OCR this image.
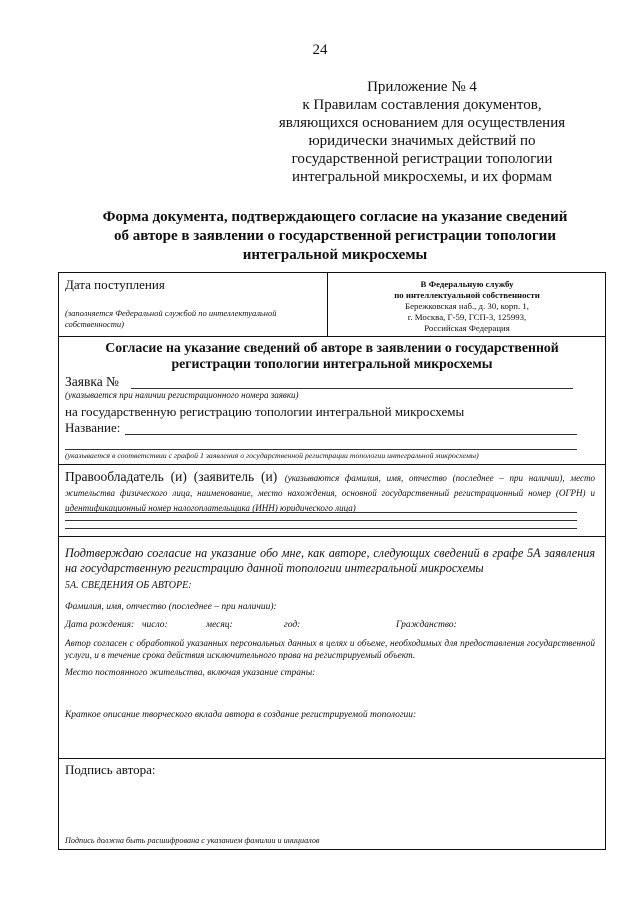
24
Приложение № 4
к Правилам составления документов,
являющихся основанием для осуществления
юридически значимых действий по
государственной регистрации топологии
интегральной микросхемы, и их формам
Форма документа, подтверждающего согласие на указание сведений
об авторе в заявлении о государственной регистрации топологии
интегральной микросхемы
Дата поступления
(заполняется Федеральной службой по интеллектуальной собственности)
В Федеральную службу
по интеллектуальной собственности
Бережковская наб., д. 30, корп. 1,
г. Москва, Г-59, ГСП-3, 125993,
Российская Федерация
Согласие на указание сведений об авторе в заявлении о государственной
регистрации топологии интегральной микросхемы
Заявка №
(указывается при наличии регистрационного номера заявки)
на государственную регистрацию топологии интегральной микросхемы
Название:
(указывается в соответствии с графой 1 заявления о государственной регистрации топологии интегральной микросхемы)
Правообладатель (и) (заявитель (и) (указываются фамилия, имя, отчество (последнее – при наличии), место жительства физического лица, наименование, место нахождения, основной государственный регистрационный номер (ОГРН) и идентификационный номер налогоплательщика (ИНН) юридического лица)
Подтверждаю согласие на указание обо мне, как авторе, следующих сведений в графе 5А заявления на государственную регистрацию данной топологии интегральной микросхемы
5А. СВЕДЕНИЯ ОБ АВТОРЕ:
Фамилия, имя, отчество (последнее – при наличии):
Дата рождения: число:	месяц:	год:	Гражданство:
Автор согласен с обработкой указанных персональных данных в целях и объеме, необходимых для предоставления государственной услуги, и в течение срока действия исключительного права на регистрируемый объект.
Место постоянного жительства, включая указание страны:
Краткое описание творческого вклада автора в создание регистрируемой топологии:
Подпись автора:
Подпись должна быть расшифрована с указанием фамилии и инициалов
